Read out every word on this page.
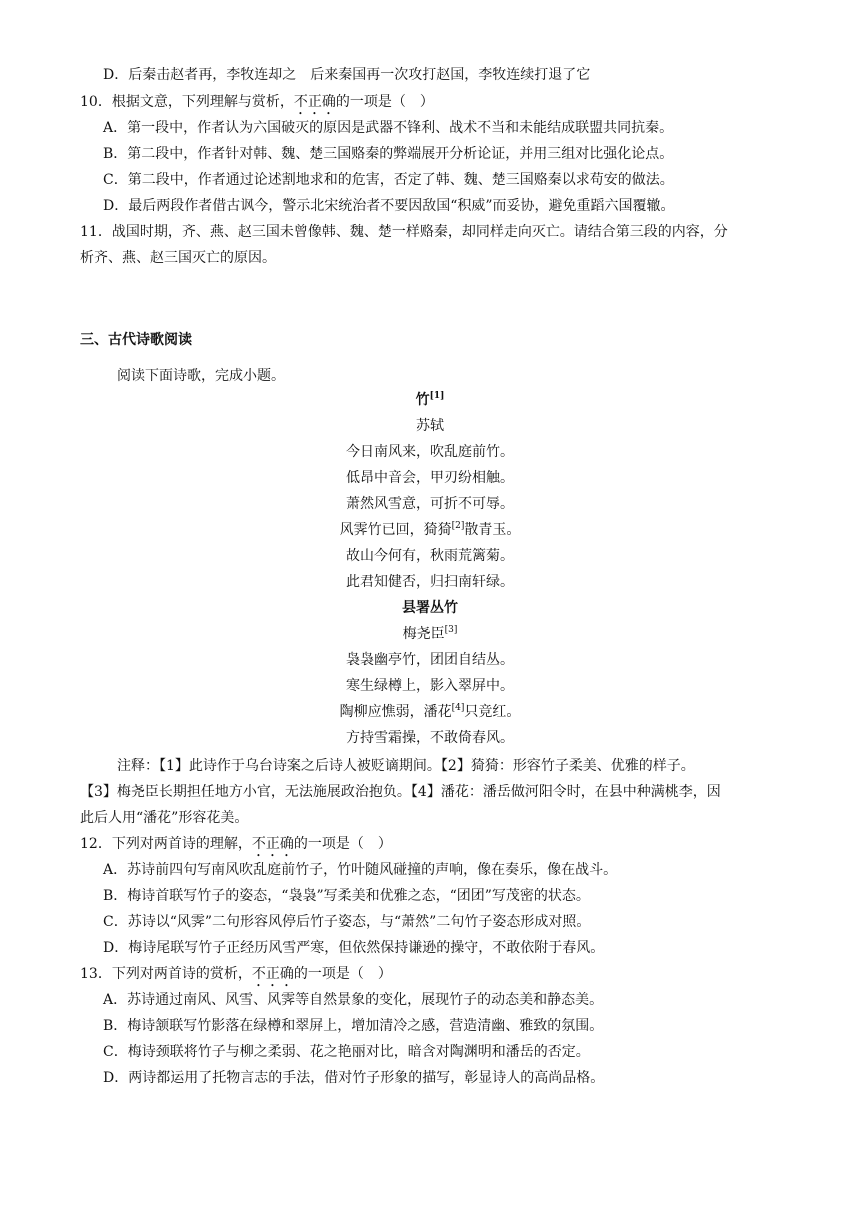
D．后秦击赵者再，李牧连却之　后来秦国再一次攻打赵国，李牧连续打退了它
10．根据文意，下列理解与赏析，不正确的一项是（　）
A．第一段中，作者认为六国破灭的原因是武器不锋利、战术不当和未能结成联盟共同抗秦。
B．第二段中，作者针对韩、魏、楚三国赂秦的弊端展开分析论证，并用三组对比强化论点。
C．第二段中，作者通过论述割地求和的危害，否定了韩、魏、楚三国赂秦以求苟安的做法。
D．最后两段作者借古讽今，警示北宋统治者不要因敌国“积威”而妥协，避免重蹈六国覆辙。
11．战国时期，齐、燕、赵三国未曾像韩、魏、楚一样赂秦，却同样走向灭亡。请结合第三段的内容，分
析齐、燕、赵三国灭亡的原因。
三、古代诗歌阅读
阅读下面诗歌，完成小题。
竹[1]
苏轼
今日南风来，吹乱庭前竹。
低昂中音会，甲刃纷相触。
萧然风雪意，可折不可辱。
风霁竹已回，猗猗[2]散青玉。
故山今何有，秋雨荒篱菊。
此君知健否，归扫南轩绿。
县署丛竹
梅尧臣[3]
袅袅幽亭竹，团团自结丛。
寒生绿樽上，影入翠屏中。
陶柳应憔弱，潘花[4]只竞红。
方持雪霜操，不敢倚春风。
注释：【1】此诗作于乌台诗案之后诗人被贬谪期间。【2】猗猗：形容竹子柔美、优雅的样子。
【3】梅尧臣长期担任地方小官，无法施展政治抱负。【4】潘花：潘岳做河阳令时，在县中种满桃李，因
此后人用“潘花”形容花美。
12．下列对两首诗的理解，不正确的一项是（　）
A．苏诗前四句写南风吹乱庭前竹子，竹叶随风碰撞的声响，像在奏乐，像在战斗。
B．梅诗首联写竹子的姿态，“袅袅”写柔美和优雅之态，“团团”写茂密的状态。
C．苏诗以“风霁”二句形容风停后竹子姿态，与“萧然”二句竹子姿态形成对照。
D．梅诗尾联写竹子正经历风雪严寒，但依然保持谦逊的操守，不敢依附于春风。
13．下列对两首诗的赏析，不正确的一项是（　）
A．苏诗通过南风、风雪、风霁等自然景象的变化，展现竹子的动态美和静态美。
B．梅诗颔联写竹影落在绿樽和翠屏上，增加清冷之感，营造清幽、雅致的氛围。
C．梅诗颈联将竹子与柳之柔弱、花之艳丽对比，暗含对陶渊明和潘岳的否定。
D．两诗都运用了托物言志的手法，借对竹子形象的描写，彰显诗人的高尚品格。
